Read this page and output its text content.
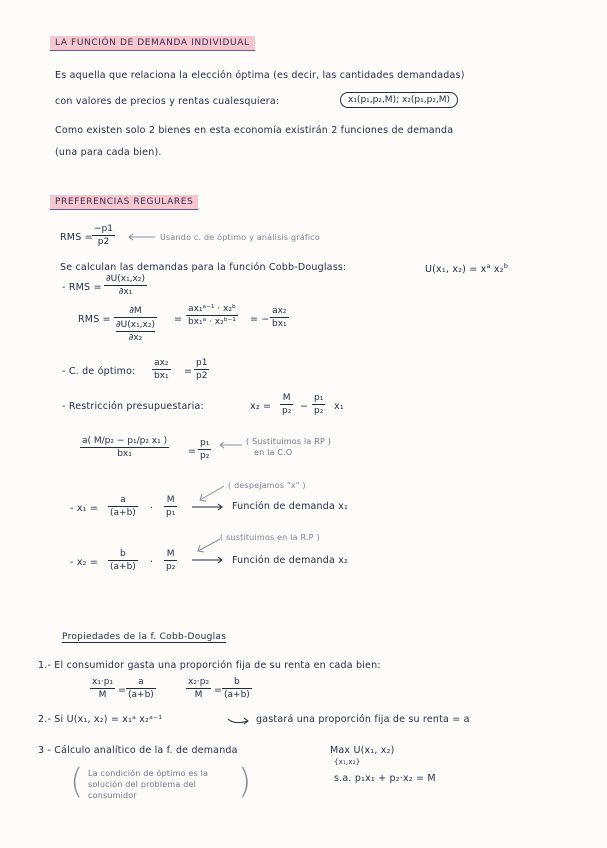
LA FUNCIÓN DE DEMANDA INDIVIDUAL
Es aquella que relaciona la elección óptima (es decir, las cantidades demandadas)
con valores de precios y rentas cualesquiera:	x₁(p₁,p₂,M); x₂(p₁,p₂,M)
Como existen solo 2 bienes en esta economía existirán 2 funciones de demanda
(una para cada bien).
PREFERENCIAS REGULARES
RMS = $\frac{-p1}{p2}$	Usando c. de óptimo y análisis gráfico
Se calculan las demandas para la función Cobb-Douglass:	U(x₁, $x_2) = x^a$ x₂$^b$
- RMS = $\frac{\text{∂U(x₁,x₂)}}{\text{∂x₁}}$
RMS = ∂M
∂U(x₁,x₂)
$\partial x_2 = \frac{\text{ax₁ᵃ⁻¹ · x₂ᵇ}}{\text{bx₁ᵃ · x₂ᵇ⁻¹}}$ = − $\frac{\text{ax₂}}{\text{bx₁}}$
- C. de óptimo: $\frac{\text{ax₂}}{\text{bx₁}} = \frac{p1}{p2}$
- Restricción presupuestaria:	$x_2 = \frac{M}{\text{p₂}} - \frac{\text{p₁}}{\text{p₂}} x_1$
$\frac{\text{a( M/p₂ − p₁/p₂ x₁ )}}{\text{bx₁}} = \frac{\text{p₁}}{\text{p₂}}$	( Sustituimos la RP )
en la C.O
( despejamos "x" )
- $x_1 = \frac{a}{(a+b)} \cdot \frac{M}{\text{p₁}}$	Función de demanda x₁
( sustituimos en la R.P )
- $x_2 = \frac{b}{(a+b)} \cdot \frac{M}{\text{p₂}}$	Función de demanda x₂
Propiedades de la f. Cobb-Douglas
1.- El consumidor gasta una proporción fija de su renta en cada bien:
$\frac{\text{x₁·p₁}}{M} = \frac{a}{(a+b)}$	$\frac{\text{x₂·p₂}}{M} = \frac{b}{(a+b)}$
2.- Si U(x₁, x₂) = x₁ᵃ x₂ᵃ⁻¹	gastará una proporción fija de su renta = a
3 - Cálculo analítico de la f. de demanda	Max U(x₁, x₂)
{x₁,x₂}
s.a. p₁x₁ + p₂·x₂ = M
( La condición de óptimo es la
solución del problema del
consumidor	)
